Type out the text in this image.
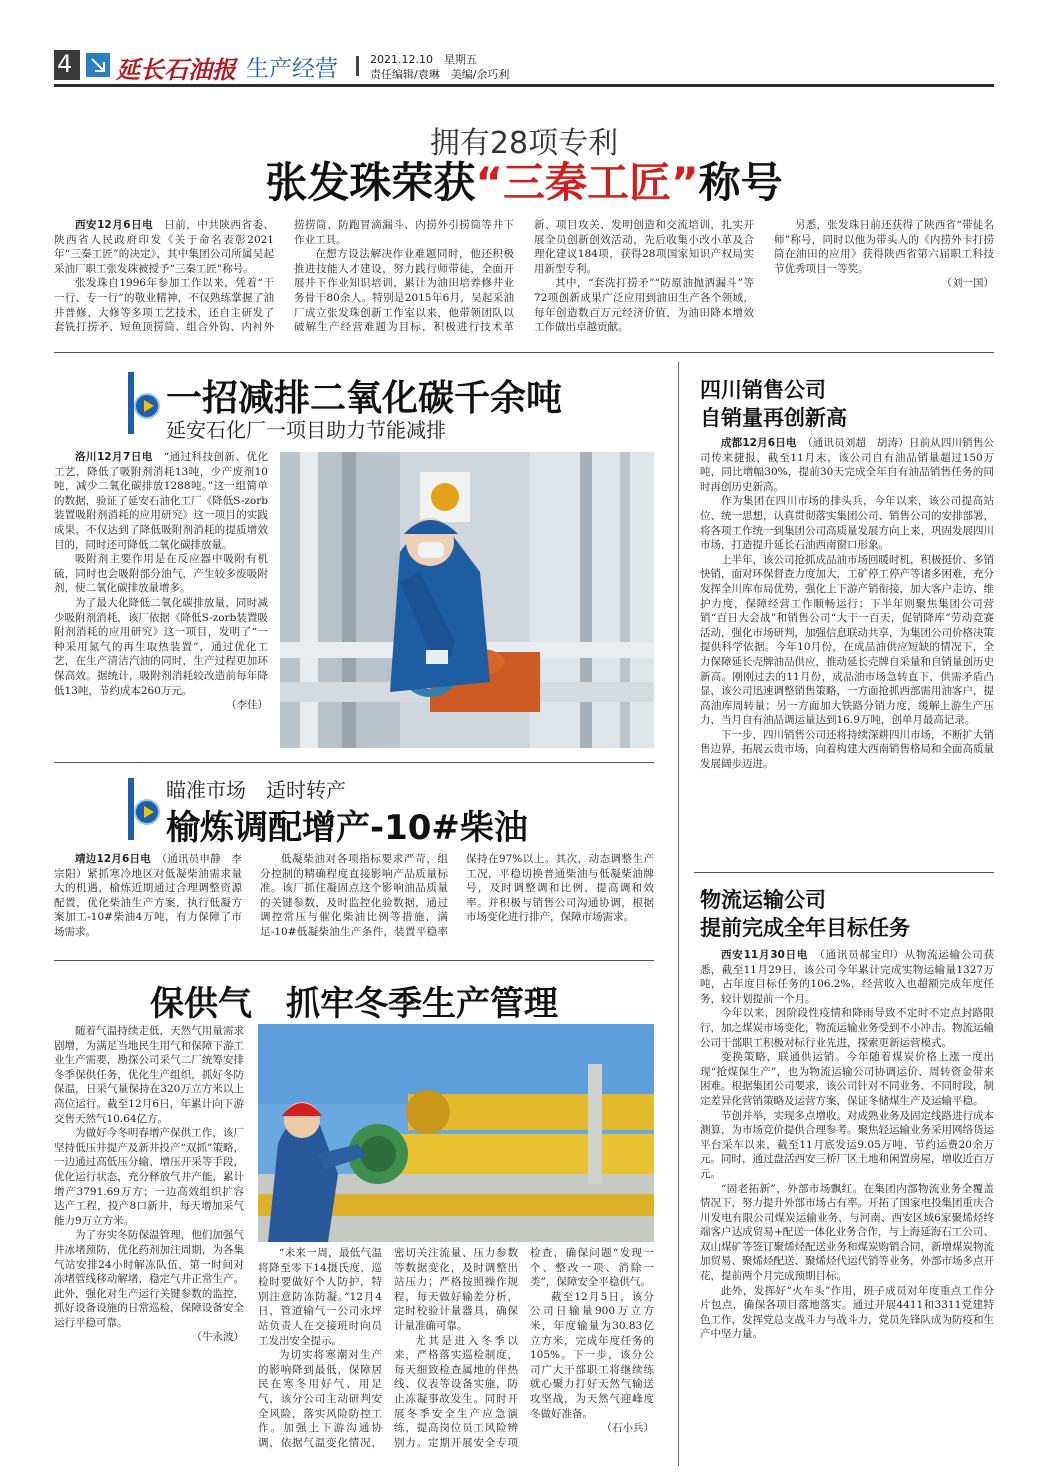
4 延长石油报 生产经营	2021.12.10　星期五
责任编辑/袁琳　美编/余巧利
拥有28项专利
张发珠荣获“三秦工匠”称号

西安12月6日电　 日前，中共陕西省委、陕西省人民政府印发《关于命名表彰2021年“三秦工匠”的决定》，其中集团公司所属吴起采油厂职工张发珠被授予“三秦工匠”称号。

张发珠自1996年参加工作以来，凭着“干一行、专一行”的敬业精神，不仅熟练掌握了油井普修、大修等多项工艺技术，还自主研发了套铣打捞矛、短鱼顶捞筒、组合外钩、内衬外捞捞筒、防跑冒滴漏斗、内捞外引捞筒等井下作业工具。

在想方设法解决作业难题同时，他还积极推进技能人才建设，努力践行师带徒，全面开展井下作业知识培训，累计为油田培养修井业务骨干80余人。特别是2015年6月，吴起采油厂成立张发珠创新工作室以来，他带领团队以破解生产经营难题为目标，积极进行技术革新、项目攻关、发明创造和交流培训，扎实开展全员创新创效活动，先后收集小改小革及合理化建议184项，获得28项国家知识产权局实用新型专利。

其中，“套洗打捞矛”“防原油抛洒漏斗”等72项创新成果广泛应用到油田生产各个领域，每年创造数百万元经济价值，为油田降本增效工作做出卓越贡献。

另悉，张发珠日前还获得了陕西省“带徒名师”称号，同时以他为带头人的《内捞外卡打捞筒在油田的应用》获得陕西省第六届职工科技节优秀项目一等奖。

（刘一国）
一招减排二氧化碳千余吨
延安石化厂一项目助力节能减排

洛川12月7日电　 “通过科技创新、优化工艺，降低了吸附剂消耗13吨，少产废剂10吨，减少二氧化碳排放1288吨。”这一组简单的数据，验证了延安石油化工厂《降低S-zorb装置吸附剂消耗的应用研究》这一项目的实践成果，不仅达到了降低吸附剂消耗的提质增效目的，同时还可降低二氧化碳排放量。

吸附剂主要作用是在反应器中吸附有机硫，同时也会吸附部分油气，产生较多废吸附剂，使二氧化碳排放量增多。

为了最大化降低二氧化碳排放量，同时减少吸附剂消耗，该厂依据《降低S-zorb装置吸附剂消耗的应用研究》这一项目，发明了“一种采用氮气的再生取热装置”，通过优化工艺，在生产清洁汽油的同时，生产过程更加环保高效。据统计，吸附剂消耗较改造前每年降低13吨，节约成本260万元。

（李佳）
瞄准市场　适时转产
榆炼调配增产-10#柴油

靖边12月6日电　 （通讯员申静　李宗阳）紧抓寒冷地区对低凝柴油需求量大的机遇，榆炼近期通过合理调整资源配置，优化柴油生产方案，执行低凝方案加工-10#柴油4万吨，有力保障了市场需求。

低凝柴油对各项指标要求严苛，组分控制的精确程度直接影响产品质量标准。该厂抓住凝固点这个影响油品质量的关键参数，及时监控化验数据，通过调控常压与催化柴油比例等措施，满足-10#低凝柴油生产条件，装置平稳率保持在97%以上。其次，动态调整生产工况，平稳切换普通柴油与低凝柴油牌号，及时调整调和比例，提高调和效率。并积极与销售公司沟通协调，根据市场变化进行排产，保障市场需求。

保供气　抓牢冬季生产管理

随着气温持续走低，天然气用量需求剧增，为满足当地民生用气和保障下游工业生产需要，勘探公司采气二厂统筹安排冬季保供任务，优化生产组织，抓好冬防保温，日采气量保持在320万立方米以上高位运行。截至12月6日，年累计向下游交售天然气10.64亿方。

为做好今冬明春增产保供工作，该厂坚持低压井提产及新井投产“双抓”策略，一边通过高低压分输、增压开采等手段，优化运行状态，充分释放气井产能，累计增产3791.69万方；一边高效组织扩容达产工程，投产8口新井，每天增加采气能力9万立方米。

为了夯实冬防保温管理，他们加强气井冰堵预防，优化药剂加注周期，为各集气站安排24小时解冻队伍，第一时间对冻堵管线移动解堵，稳定气井正常生产。此外，强化对生产运行关键参数的监控，抓好设备设施的日常巡检，保障设备安全运行平稳可靠。

（牛永波）

“未来一周，最低气温将降至零下14摄氏度，巡检时要做好个人防护，特别注意防冻防凝。”12月4日，管道输气一公司永坪站负责人在交接班时向员工发出安全提示。

为切实将寒潮对生产的影响降到最低，保障居民在寒冬用好气、用足气，该分公司主动研判安全风险，落实风险防控工作。加强上下游沟通协调，依据气温变化情况，密切关注流量、压力参数等数据变化，及时调整出站压力；严格按照操作规程，每天做好输差分析，定时校验计量器具，确保计量准确可靠。

尤其是进入冬季以来，严格落实巡检制度，每天细致检查属地的伴热线、仪表等设备实施，防止冻凝事故发生。同时开展冬季安全生产应急演练，提高岗位员工风险辨别力。定期开展安全专项检查，确保问题“发现一个、整改一项、消除一类”，保障安全平稳供气。

截至12月5日，该分公司日输量900万立方米，年度输量为30.83亿立方米，完成年度任务的105%。下一步，该分公司广大干部职工将继续练就心聚力打好天然气输送攻坚战，为天然气迎峰度冬做好准备。

（石小兵）
四川销售公司
自销量再创新高

成都12月6日电　 （通讯员刘超　胡涛）日前从四川销售公司传来捷报，截至11月末，该公司自有油品销量超过150万吨，同比增幅30%，提前30天完成全年自有油品销售任务的同时再创历史新高。

作为集团在四川市场的排头兵，今年以来，该公司提高站位、统一思想，认真贯彻落实集团公司、销售公司的安排部署，将各项工作统一到集团公司高质量发展方向上来，巩固发展四川市场，打造提升延长石油西南窗口形象。

上半年，该公司抢抓成品油市场回暖时机，积极挺价、多销快销，面对环保督查力度加大，工矿停工停产等诸多困难，充分发挥全川库布局优势，强化上下游产销衔接，加大客户走访、维护力度，保障经营工作顺畅运行；下半年则聚焦集团公司营销“百日大会战”和销售公司“大干一百天，促销降库”劳动竞赛活动，强化市场研判，加强信息联动共享，为集团公司价格决策提供科学依据。今年10月份，在成品油供应短缺的情况下，全力保障延长壳牌油品供应，推动延长壳牌自采量和自销量创历史新高。刚刚过去的11月份，成品油市场急转直下，供需矛盾凸显，该公司迅速调整销售策略，一方面抢抓西部需用油客户，提高油库周转量；另一方面加大铁路分销力度，缓解上游生产压力，当月自有油品调运量达到16.9万吨，创单月最高记录。

下一步，四川销售公司还将持续深耕四川市场，不断扩大销售边界，拓展云贵市场，向着构建大西南销售格局和全面高质量发展阔步迈进。

物流运输公司
提前完成全年目标任务

西安11月30日电　 （通讯员郝宝印）从物流运输公司获悉，截至11月29日，该公司今年累计完成实物运输量1327万吨，占年度目标任务的106.2%，经营收入也超额完成年度任务，较计划提前一个月。

今年以来，因阶段性疫情和降雨导致不定时不定点封路限行，加之煤炭市场变化，物流运输业务受到不小冲击。物流运输公司干部职工积极对标行业先进，探索更新运营模式。

变换策略，联通供运销。今年随着煤炭价格上涨一度出现“抢煤保生产”，也为物流运输公司协调运价、周转资金带来困难。根据集团公司要求，该公司针对不同业务、不同时段，制定差异化营销策略及运营方案，保证冬储煤生产及运输平稳。

节创并举，实现多点增收。对成熟业务及固定线路进行成本测算，为市场竞价提供合理参考。聚焦轻运输业务采用网络货运平台采车以来，截至11月底发运9.05万吨、节约运费20余万元。同时，通过盘活西安三桥厂区土地和闲置房屋，增收近百万元。

“固老拓新”，外部市场飘红。在集团内部物流业务全覆盖情况下，努力提升外部市场占有率。开拓了国家电投集团重庆合川发电有限公司煤炭运输业务，与河南、西安区域6家聚烯烃终端客户达成贸易+配送一体化业务合作，与上海延海石工公司、双山煤矿等签订聚烯烃配送业务和煤炭购销合同，新增煤炭物流加贸易、聚烯烃配送、聚烯烃代运代销等业务，外部市场多点开花，提前两个月完成预期目标。

此外，发挥好“火车头”作用，班子成员对年度重点工作分片包点，确保各项目落地落实。通过开展4411和3311党建特色工作，发挥党总支战斗力与战斗力，党员先锋队成为防疫和生产中坚力量。
